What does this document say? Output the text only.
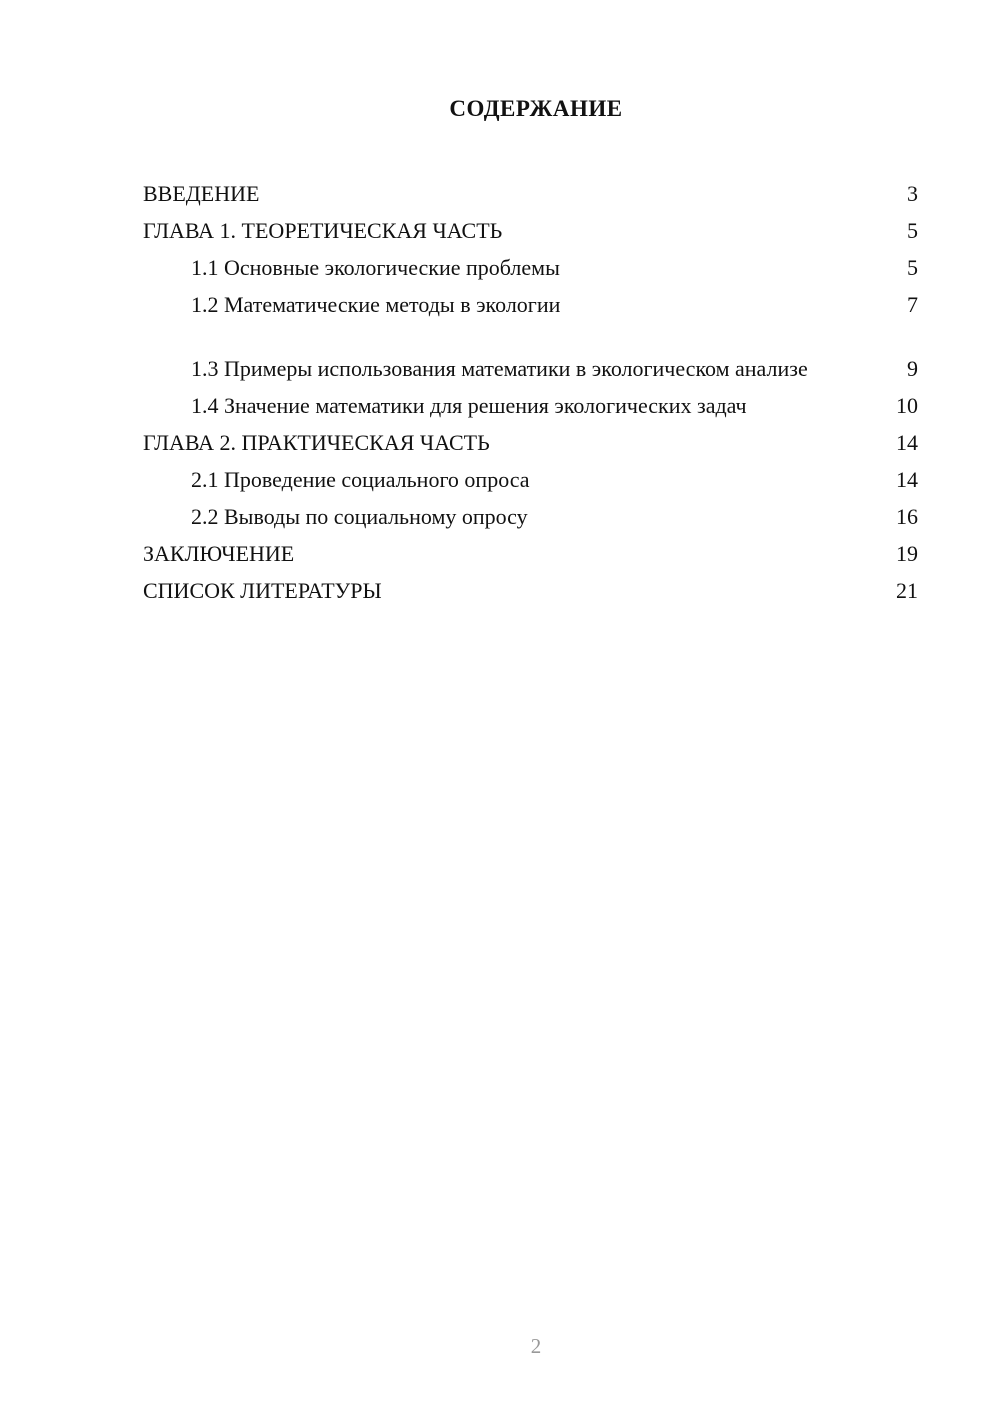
СОДЕРЖАНИЕ
ВВЕДЕНИЕ	3
ГЛАВА 1. ТЕОРЕТИЧЕСКАЯ ЧАСТЬ	5
1.1 Основные экологические проблемы	5
1.2 Математические методы в экологии	7
1.3 Примеры использования математики в экологическом анализе	9
1.4 Значение математики для решения экологических задач	10
ГЛАВА 2. ПРАКТИЧЕСКАЯ ЧАСТЬ	14
2.1 Проведение социального опроса	14
2.2 Выводы по социальному опросу	16
ЗАКЛЮЧЕНИЕ	19
СПИСОК ЛИТЕРАТУРЫ	21
2
